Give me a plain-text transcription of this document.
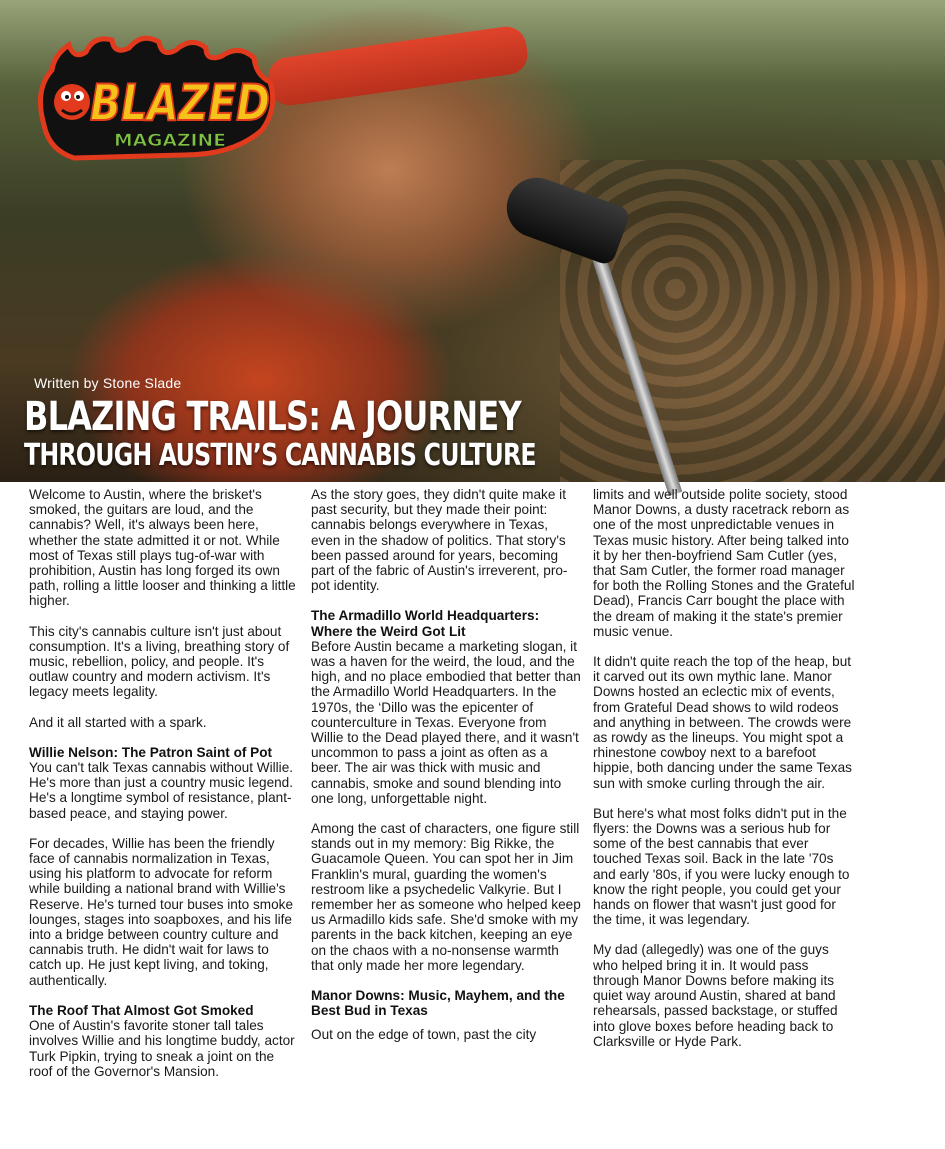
BLAZED
MAGAZINE
Written by Stone Slade
BLAZING TRAILS: A JOURNEY
THROUGH AUSTIN’S CANNABIS CULTURE

Welcome to Austin, where the brisket's smoked, the guitars are loud, and the cannabis? Well, it's always been here, whether the state admitted it or not. While most of Texas still plays tug-of-war with prohibition, Austin has long forged its own path, rolling a little looser and thinking a little higher.

This city's cannabis culture isn't just about consumption. It's a living, breathing story of music, rebellion, policy, and people. It's outlaw country and modern activism. It's legacy meets legality.

And it all started with a spark.

Willie Nelson: The Patron Saint of Pot

You can't talk Texas cannabis without Willie. He's more than just a country music legend. He's a longtime symbol of resistance, plant-based peace, and staying power.

For decades, Willie has been the friendly face of cannabis normalization in Texas, using his platform to advocate for reform while building a national brand with Willie's Reserve. He's turned tour buses into smoke lounges, stages into soapboxes, and his life into a bridge between country culture and cannabis truth. He didn't wait for laws to catch up. He just kept living, and toking, authentically.

The Roof That Almost Got Smoked

One of Austin's favorite stoner tall tales involves Willie and his longtime buddy, actor Turk Pipkin, trying to sneak a joint on the roof of the Governor's Mansion.

As the story goes, they didn't quite make it past security, but they made their point: cannabis belongs everywhere in Texas, even in the shadow of politics. That story's been passed around for years, becoming part of the fabric of Austin's irreverent, pro-pot identity.

The Armadillo World Headquarters: Where the Weird Got Lit

Before Austin became a marketing slogan, it was a haven for the weird, the loud, and the high, and no place embodied that better than the Armadillo World Headquarters. In the 1970s, the ‘Dillo was the epicenter of counterculture in Texas. Everyone from Willie to the Dead played there, and it wasn't uncommon to pass a joint as often as a beer. The air was thick with music and cannabis, smoke and sound blending into one long, unforgettable night.

Among the cast of characters, one figure still stands out in my memory: Big Rikke, the Guacamole Queen. You can spot her in Jim Franklin's mural, guarding the women's restroom like a psychedelic Valkyrie. But I remember her as someone who helped keep us Armadillo kids safe. She'd smoke with my parents in the back kitchen, keeping an eye on the chaos with a no-nonsense warmth that only made her more legendary.

Manor Downs: Music, Mayhem, and the Best Bud in Texas

Out on the edge of town, past the city

limits and well outside polite society, stood Manor Downs, a dusty racetrack reborn as one of the most unpredictable venues in Texas music history. After being talked into it by her then-boyfriend Sam Cutler (yes, that Sam Cutler, the former road manager for both the Rolling Stones and the Grateful Dead), Francis Carr bought the place with the dream of making it the state's premier music venue.

It didn't quite reach the top of the heap, but it carved out its own mythic lane. Manor Downs hosted an eclectic mix of events, from Grateful Dead shows to wild rodeos and anything in between. The crowds were as rowdy as the lineups. You might spot a rhinestone cowboy next to a barefoot hippie, both dancing under the same Texas sun with smoke curling through the air.

But here's what most folks didn't put in the flyers: the Downs was a serious hub for some of the best cannabis that ever touched Texas soil. Back in the late '70s and early '80s, if you were lucky enough to know the right people, you could get your hands on flower that wasn't just good for the time, it was legendary.

My dad (allegedly) was one of the guys who helped bring it in. It would pass through Manor Downs before making its quiet way around Austin, shared at band rehearsals, passed backstage, or stuffed into glove boxes before heading back to Clarksville or Hyde Park.
